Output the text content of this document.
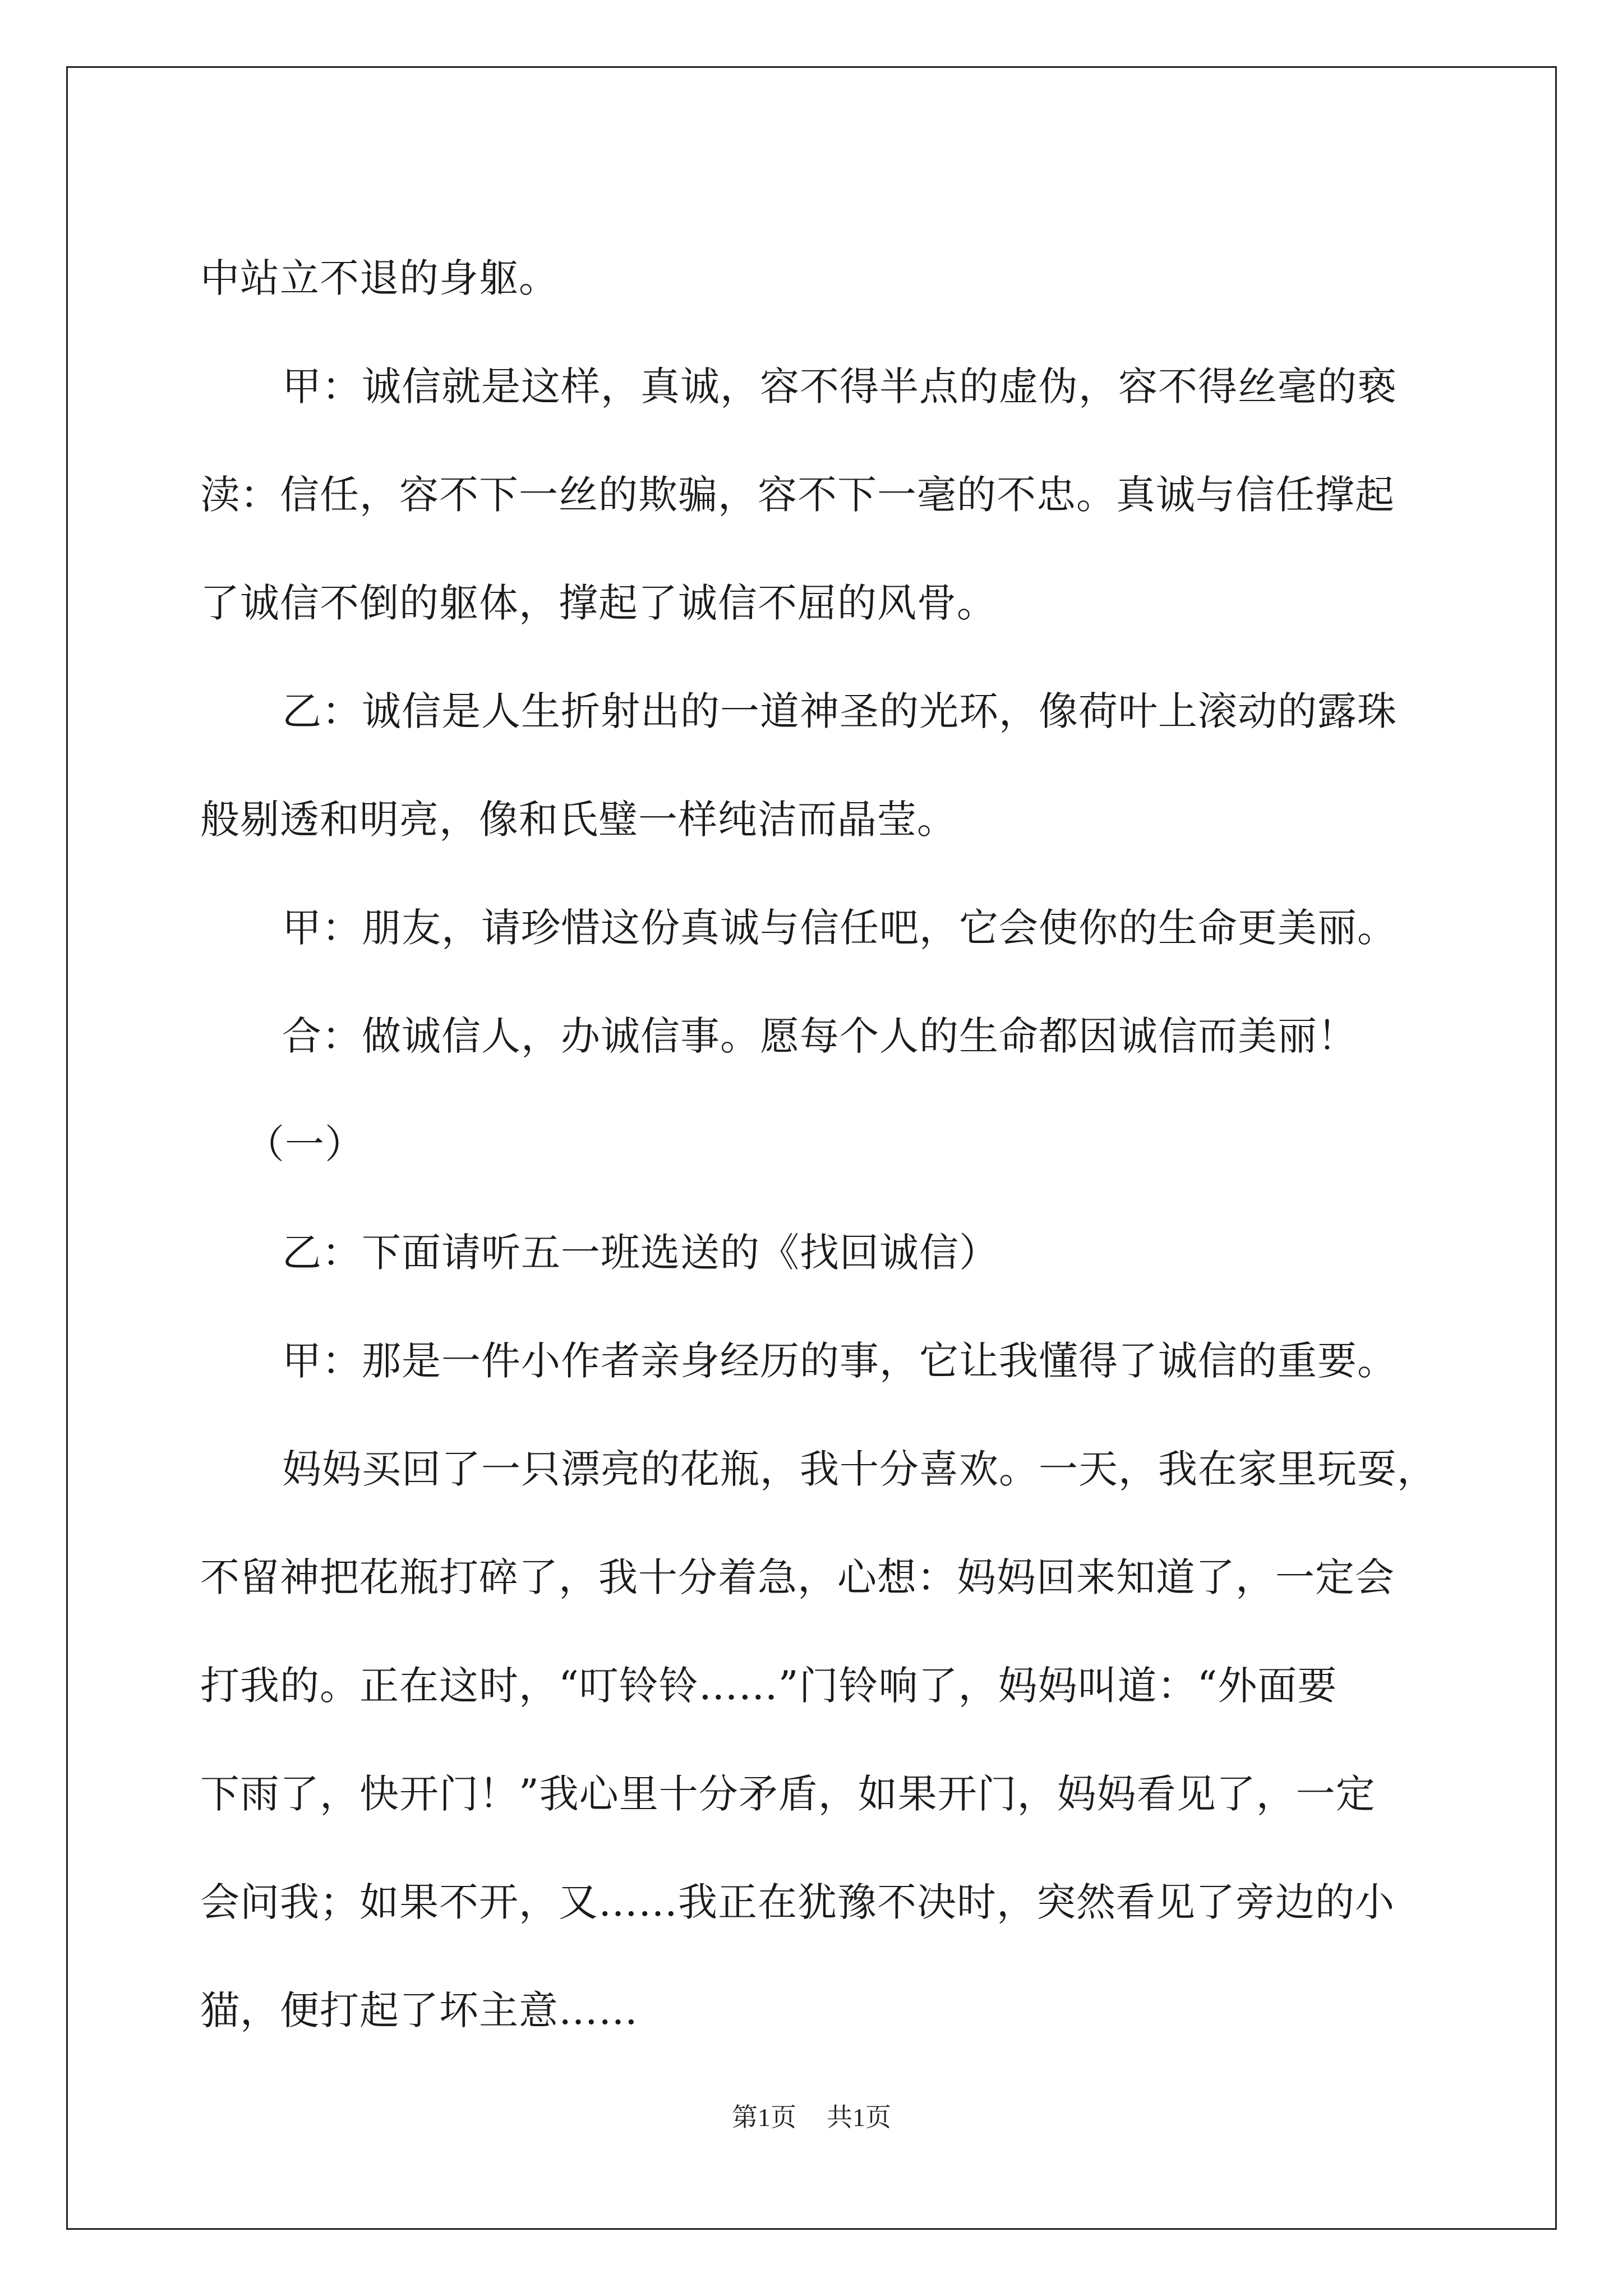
中站立不退的身躯。

甲：诚信就是这样，真诚，容不得半点的虚伪，容不得丝毫的亵

渎：信任，容不下一丝的欺骗，容不下一毫的不忠。真诚与信任撑起

了诚信不倒的躯体，撑起了诚信不屈的风骨。

乙：诚信是人生折射出的一道神圣的光环，像荷叶上滚动的露珠

般剔透和明亮，像和氏璧一样纯洁而晶莹。

甲：朋友，请珍惜这份真诚与信任吧，它会使你的生命更美丽。

合：做诚信人，办诚信事。愿每个人的生命都因诚信而美丽！

（一）

乙：下面请听五一班选送的《找回诚信）

甲：那是一件小作者亲身经历的事，它让我懂得了诚信的重要。

妈妈买回了一只漂亮的花瓶，我十分喜欢。一天，我在家里玩耍，

不留神把花瓶打碎了，我十分着急，心想：妈妈回来知道了，一定会

打我的。正在这时，“叮铃铃……”门铃响了，妈妈叫道：“外面要

下雨了，快开门！”我心里十分矛盾，如果开门，妈妈看见了，一定

会问我；如果不开，又……我正在犹豫不决时，突然看见了旁边的小

猫，便打起了坏主意……

第1页 共1页
